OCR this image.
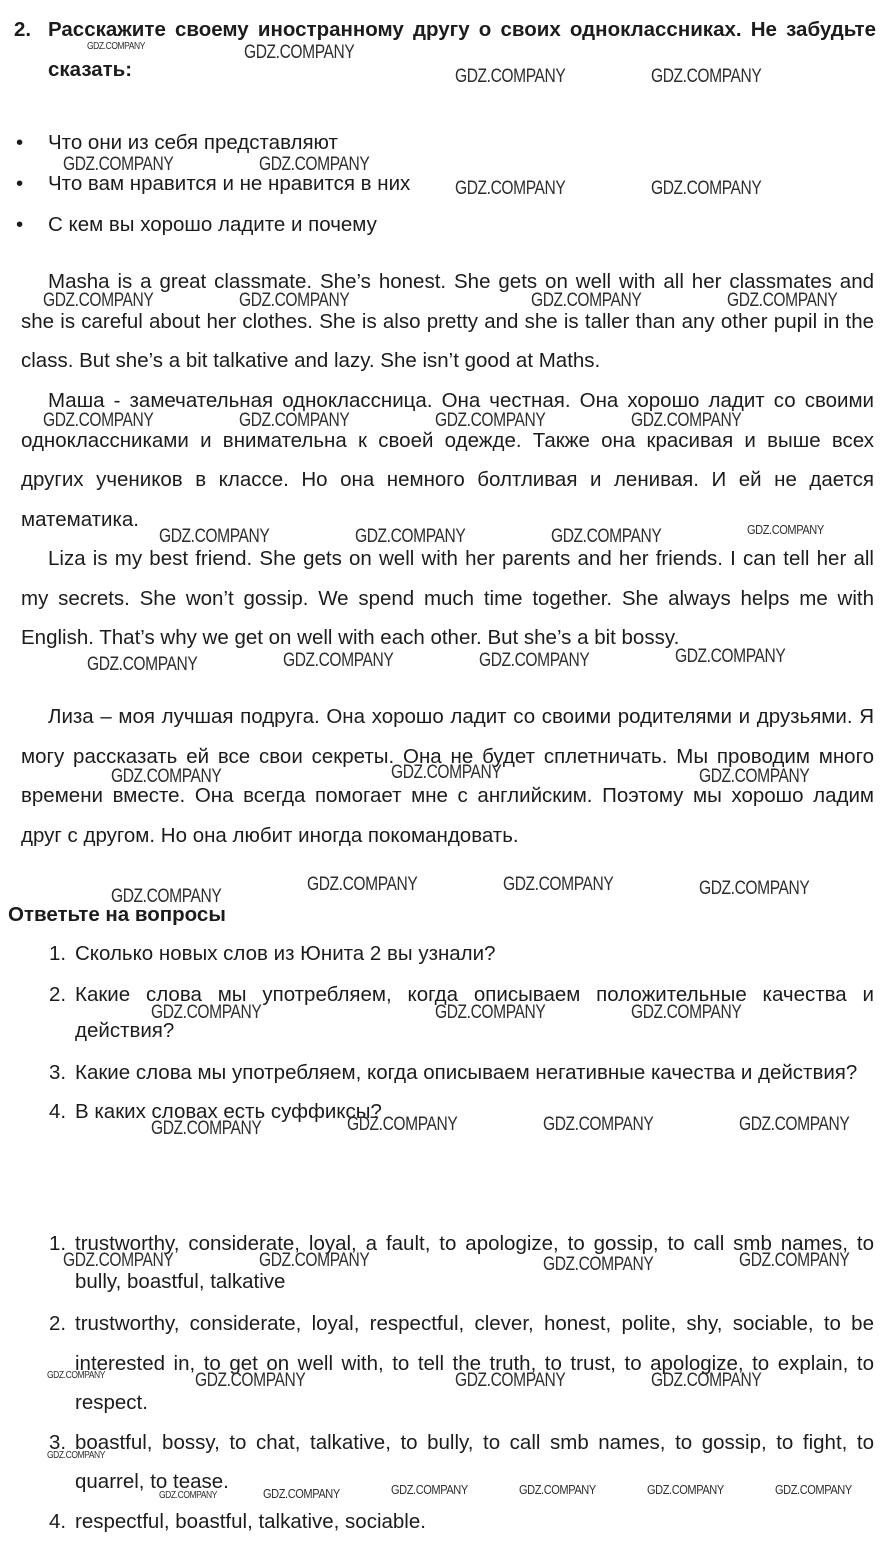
2. Расскажите своему иностранному другу о своих одноклассниках. Не забудьте сказать:
• Что они из себя представляют
• Что вам нравится и не нравится в них
• С кем вы хорошо ладите и почему

Masha is a great classmate. She’s honest. She gets on well with all her classmates and she is careful about her clothes. She is also pretty and she is taller than any other pupil in the class. But she’s a bit talkative and lazy. She isn’t good at Maths.

Маша - замечательная одноклассница. Она честная. Она хорошо ладит со своими одноклассниками и внимательна к своей одежде. Также она красивая и выше всех других учеников в классе. Но она немного болтливая и ленивая. И ей не дается математика.

Liza is my best friend. She gets on well with her parents and her friends. I can tell her all my secrets. She won’t gossip. We spend much time together. She always helps me with English. That’s why we get on well with each other. But she’s a bit bossy.

Лиза – моя лучшая подруга. Она хорошо ладит со своими родителями и друзьями. Я могу рассказать ей все свои секреты. Она не будет сплетничать. Мы проводим много времени вместе. Она всегда помогает мне с английским. Поэтому мы хорошо ладим друг с другом. Но она любит иногда покомандовать.

Ответьте на вопросы
1. Сколько новых слов из Юнита 2 вы узнали?
2. Какие слова мы употребляем, когда описываем положительные качества и действия?
3. Какие слова мы употребляем, когда описываем негативные качества и действия?
4. В каких словах есть суффиксы?
1. trustworthy, considerate, loyal, a fault, to apologize, to gossip, to call smb names, to bully, boastful, talkative
2. trustworthy, considerate, loyal, respectful, clever, honest, polite, shy, sociable, to be interested in, to get on well with, to tell the truth, to trust, to apologize, to explain, to respect.
3. boastful, bossy, to chat, talkative, to bully, to call smb names, to gossip, to fight, to quarrel, to tease.
4. respectful, boastful, talkative, sociable.
GDZ.COMPANY	GDZ.COMPANY
GDZ.COMPANY	GDZ.COMPANY
GDZ.COMPANY	GDZ.COMPANY
GDZ.COMPANY	GDZ.COMPANY
GDZ.COMPANY	GDZ.COMPANY	GDZ.COMPANY	GDZ.COMPANY
GDZ.COMPANY	GDZ.COMPANY	GDZ.COMPANY	GDZ.COMPANY
GDZ.COMPANY	GDZ.COMPANY	GDZ.COMPANY	GDZ.COMPANY
GDZ.COMPANY	GDZ.COMPANY	GDZ.COMPANY	GDZ.COMPANY
GDZ.COMPANY	GDZ.COMPANY	GDZ.COMPANY
GDZ.COMPANY
GDZ.COMPANY	GDZ.COMPANY	GDZ.COMPANY
GDZ.COMPANY	GDZ.COMPANY	GDZ.COMPANY
GDZ.COMPANY	GDZ.COMPANY	GDZ.COMPANY	GDZ.COMPANY
GDZ.COMPANY	GDZ.COMPANY	GDZ.COMPANY	GDZ.COMPANY
GDZ.COMPANY	GDZ.COMPANY	GDZ.COMPANY	GDZ.COMPANY
GDZ.COMPANY
GDZ.COMPANY	GDZ.COMPANY	GDZ.COMPANY	GDZ.COMPANY	GDZ.COMPANY	GDZ.COMPANY
